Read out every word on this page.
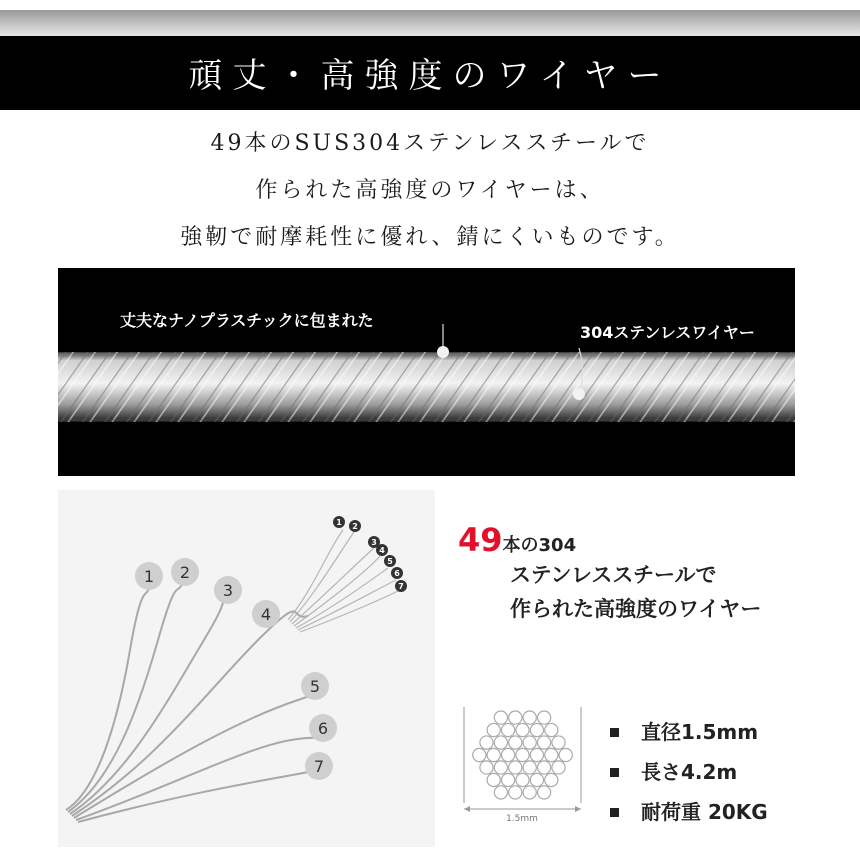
頑丈・高強度のワイヤー
49本のSUS304ステンレススチールで
作られた高強度のワイヤーは、
強靭で耐摩耗性に優れ、錆にくいものです。
丈夫なナノプラスチックに包まれた
304ステンレスワイヤー
1 2
3
4
5
6
7
1 2
3
4
5
6
7
49本の304
ステンレススチールで
作られた高強度のワイヤー
1.5mm
直径1.5mm
長さ4.2m
耐荷重 20KG
